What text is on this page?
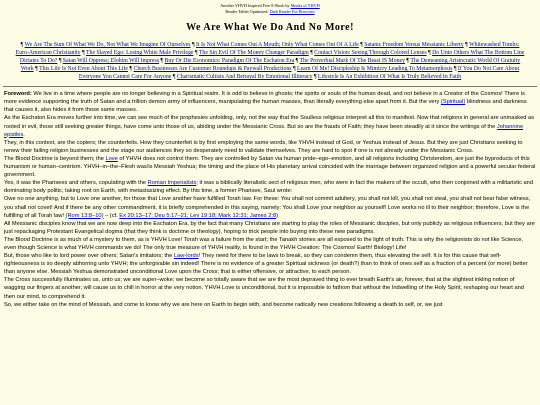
Another YHVH Inspired Free E-Book by Monks of YHVH
Reader Tablet Optimized: Dark Reader For Browsers
We Are What We Do And No More!
¶ We Are The Sum Of What We Do, Not What We Imagine Of Ourselves ¶ It Is Not What Comes Out A Mouth; Only What Comes Out Of A Life ¶ Satanic Freedom Versus Messianic Liberty ¶ Whitewashed Tombs: Euro-American Christianity ¶ The Slayed Ego: Losing White Male Privilege ¶ The Sin Evil Of The Money Changer Paradigm ¶ Contact Vision: Seeing Through Colored Lenses ¶ Do Unto Others What The Bottom Line Dictates To Do? ¶ Satan Will Oppress; Elohim Will Impress ¶ Buy Or Die Economics: Paradigm Of The Eschaton Era ¶ The Proverbial Mark Of The Beast IS Money ¶ The Demeaning Aristocratic World Of Gratuity Work ¶ This Life Is Not Even About This Life ¶ Church Businesses Are Customer Roundups & Paywall Productions ¶ Learn Of Me! Discipleship Is Mimicry Leading To Metamorphosis ¶ If You Do Not Care About Everyone You Cannot Care For Anyone ¶ Charismatic Cultists And Betrayal By Emotional Illiteracy ¶ Lifestyle Is An Exhibition Of What Is Truly Believed In Faith

Foreword: We live in a time where people are no longer believing in a Spiritual realm. It is odd to believe in ghosts; the spirits or souls of the human dead, and not believe in a Creator of the Cosmos! There is more evidence supporting the truth of Satan and a trillion demon army of influencers, manipulating the human masses, than literally everything else apart from it. But the very (Spiritual) blindness and darkness that causes it, also hides it from those same masses.

As the Eschaton Era moves further into time, we can see much of the prophesies unfolding, only, not the way that the Soulless religious interpret all this to manifest. Now that religions in general are unmasked as rooted in evil, those still seeking greater things, have come unto those of us, abiding under the Messianic Cross. But so are the frauds of Faith; they have been steadily at it since the writings of the Johannine epistles.

They, in this context, are the copiers; the counterfeits. How they counterfeit is by first employing the same words, like YHVH instead of God, or Yeshua instead of Jesus. But they are just Christians seeking to renew their failing religion businesses and the stage our audiences they so desperately need to validate themselves. They are hard to spot if one is not already under the Messianic Cross.

The Blood Doctrine is beyond them; the Love of YHVH does not control them. They are controlled by Satan via human pride–ego–emotion, and all religions including Christendom, are just the byproducts of this humanism or human–centrism. YHVH–in–the–Flesh was/is Messiah Yeshua; the timing and the place of His planetary arrival coincided with the marriage between organized religion and a powerful secular federal government.

Yes, it was the Pharisees and others, copulating with the Roman Imperialists; it was a biblically literalistic sect of religious men, who were in fact the makers of the occult, who then conjoined with a militaristic and dominating body politic, taking root on Earth, with metastasizing effect. By this time, a former Pharisee, Saul wrote:

Owe no one anything, but to Love one another, for those that Love another have fulfilled Torah law. For these: You shall not commit adultery, you shall not kill, you shall not steal, you shall not bear false witness, you shall not covet! And if there be any other commandment, it is briefly comprehended in this saying, namely: You shall Love your neighbor as yourself! Love works no ill to their neighbor; therefore, Love is the fulfilling of all Torah law! (Rom 13:8–10) – (cf. Ex 20:13–17; Deu 5:17–21; Lev 19:18; Mark 12:31; James 2:8)

All Messianic disciples know that we are now deep into the Eschaton Era, by the fact that many Christians are starting to play the roles of Messianic disciples, but only publicly as religious influencers, but they are just repackaging Protestant Evangelical dogma (that they think is doctrine or theology), hoping to trick people into buying into these new paradigms.

The Blood Doctrine is as much of a mystery to them, as is YHVH Love! Torah was a failure from the start; the Tanakh stories are all exposed to the light of truth. This is why the religionists do not like Science, even though Science is what YHVH commands we do! The only true measure of YHVH reality, is found in the YHVH Creation: The Cosmos! Earth! Biology! Life!

But, those who like to lord power over others; Satan's imitators; the Law-lords! They need for there to be laws to break, so they can condemn them, thus elevating the self. It is for this cause that self-righteousness is so deeply abhorring unto YHVH; the unforgivable sin indeed! There is no evidence of a greater Spiritual sickness (or death?) than to think of ones self as a fraction of a percent (or more) better than anyone else. Messiah Yeshua demonstrated unconditional Love upon the Cross; that is either offensive, or attractive, to each person.

The Cross successfully illuminates us, unto us; we are super–woke; we become so totally aware that we are the most depraved thing to ever breath Earth's air, forever, that at the slightest inkling notion of wagging our fingers at another, will cause us to chill in horror at the very notion. YHVH Love is unconditional, but it is impossible to fathom that without the Indwelling of the Holy Spirit, reshaping our heart and then our mind, to comprehend it.

So, we either take on the mind of Messiah, and come to know why we are here on Earth to begin with, and become radically new creations following a death to self, or, we just
